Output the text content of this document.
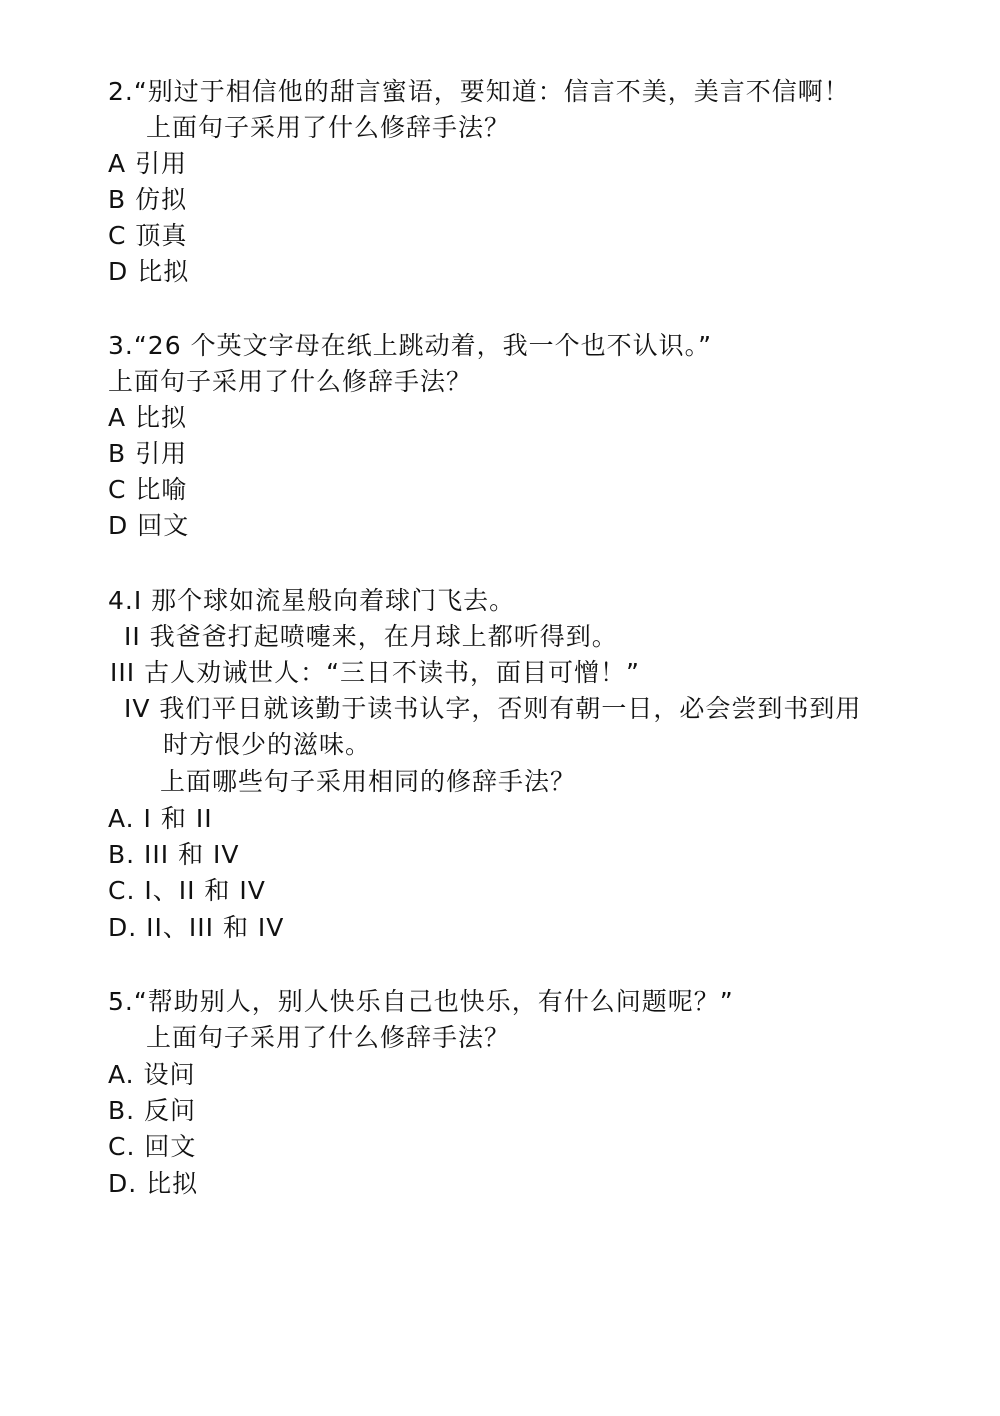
2.“别过于相信他的甜言蜜语，要知道：信言不美，美言不信啊！
上面句子采用了什么修辞手法？
A 引用
B 仿拟
C 顶真
D 比拟
3.“26 个英文字母在纸上跳动着，我一个也不认识。”
上面句子采用了什么修辞手法？
A 比拟
B 引用
C 比喻
D 回文
4.I 那个球如流星般向着球门飞去。
II 我爸爸打起喷嚏来，在月球上都听得到。
III 古人劝诫世人：“三日不读书，面目可憎！”
IV 我们平日就该勤于读书认字，否则有朝一日，必会尝到书到用
时方恨少的滋味。
上面哪些句子采用相同的修辞手法？
A. I 和 II
B. III 和 IV
C. I、II 和 IV
D. II、III 和 IV
5.“帮助别人，别人快乐自己也快乐，有什么问题呢？”
上面句子采用了什么修辞手法？
A. 设问
B. 反问
C. 回文
D. 比拟
